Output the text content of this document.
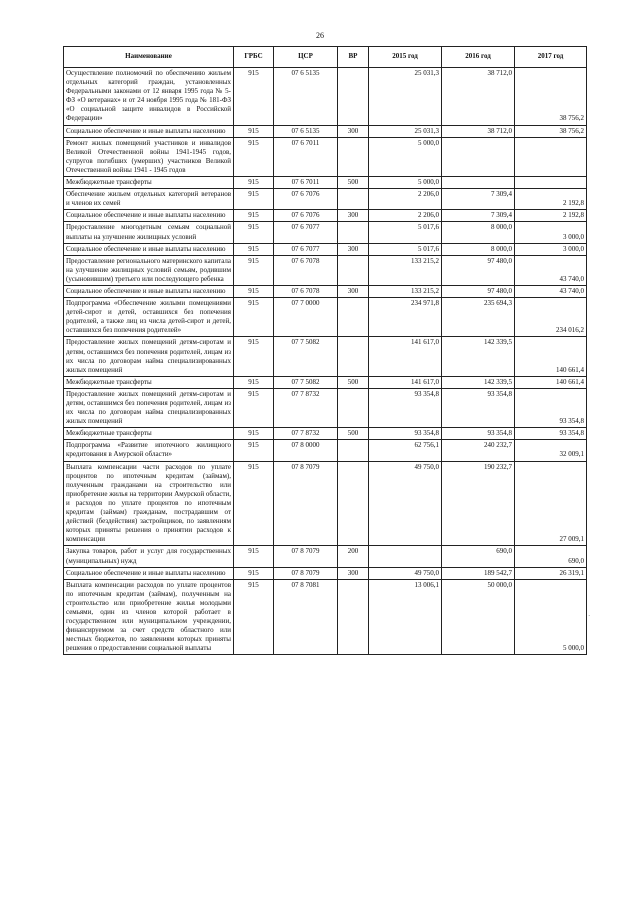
26
Наименование	ГРБС	ЦСР	ВР	2015 год	2016 год	2017 год
Осуществление полномочий по обеспечению жильем отдельных категорий граждан, установленных Федеральными законами от 12 января 1995 года № 5-ФЗ «О ветеранах» и от 24 ноября 1995 года № 181-ФЗ «О социальной защите инвалидов в Российской Федерации»	915	07 6 5135		25 031,3	38 712,0	38 756,2
Социальное обеспечение и иные выплаты населению	915	07 6 5135	300	25 031,3	38 712,0	38 756,2
Ремонт жилых помещений участников и инвалидов Великой Отечественной войны 1941-1945 годов, супругов погибших (умерших) участников Великой Отечественной войны 1941 - 1945 годов	915	07 6 7011		5 000,0		
Межбюджетные трансферты	915	07 6 7011	500	5 000,0		
Обеспечение жильем отдельных категорий ветеранов и членов их семей	915	07 6 7076		2 206,0	7 309,4	2 192,8
Социальное обеспечение и иные выплаты населению	915	07 6 7076	300	2 206,0	7 309,4	2 192,8
Предоставление многодетным семьям социальной выплаты на улучшение жилищных условий	915	07 6 7077		5 017,6	8 000,0	3 000,0
Социальное обеспечение и иные выплаты населению	915	07 6 7077	300	5 017,6	8 000,0	3 000,0
Предоставление регионального материнского капитала на улучшение жилищных условий семьям, родившим (усыновившим) третьего или последующего ребенка	915	07 6 7078		133 215,2	97 480,0	43 740,0
Социальное обеспечение и иные выплаты населению	915	07 6 7078	300	133 215,2	97 480,0	43 740,0
Подпрограмма «Обеспечение жилыми помещениями детей-сирот и детей, оставшихся без попечения родителей, а также лиц из числа детей-сирот и детей, оставшихся без попечения родителей»	915	07 7 0000		234 971,8	235 694,3	234 016,2
Предоставление жилых помещений детям-сиротам и детям, оставшимся без попечения родителей, лицам из их числа по договорам найма специализированных жилых помещений	915	07 7 5082		141 617,0	142 339,5	140 661,4
Межбюджетные трансферты	915	07 7 5082	500	141 617,0	142 339,5	140 661,4
Предоставление жилых помещений детям-сиротам и детям, оставшимся без попечения родителей, лицам из их числа по договорам найма специализированных жилых помещений	915	07 7 8732		93 354,8	93 354,8	93 354,8
Межбюджетные трансферты	915	07 7 8732	500	93 354,8	93 354,8	93 354,8
Подпрограмма «Развитие ипотечного жилищного кредитования в Амурской области»	915	07 8 0000		62 756,1	240 232,7	32 009,1
Выплата компенсации части расходов по уплате процентов по ипотечным кредитам (займам), полученным гражданами на строительство или приобретение жилья на территории Амурской области, и расходов по уплате процентов по ипотечным кредитам (займам) гражданам, пострадавшим от действий (бездействия) застройщиков, по заявлениям которых приняты решения о принятии расходов к компенсации	915	07 8 7079		49 750,0	190 232,7	27 009,1
Закупка товаров, работ и услуг для государственных (муниципальных) нужд	915	07 8 7079	200		690,0	690,0
Социальное обеспечение и иные выплаты населению	915	07 8 7079	300	49 750,0	189 542,7	26 319,1
Выплата компенсации расходов по уплате процентов по ипотечным кредитам (займам), полученным на строительство или приобретение жилья молодыми семьями, один из членов которой работает в государственном или муниципальном учреждении, финансируемом за счет средств областного или местных бюджетов, по заявлениям которых приняты решения о предоставлении социальной выплаты	915	07 8 7081		13 006,1	50 000,0	5 000,0
·
